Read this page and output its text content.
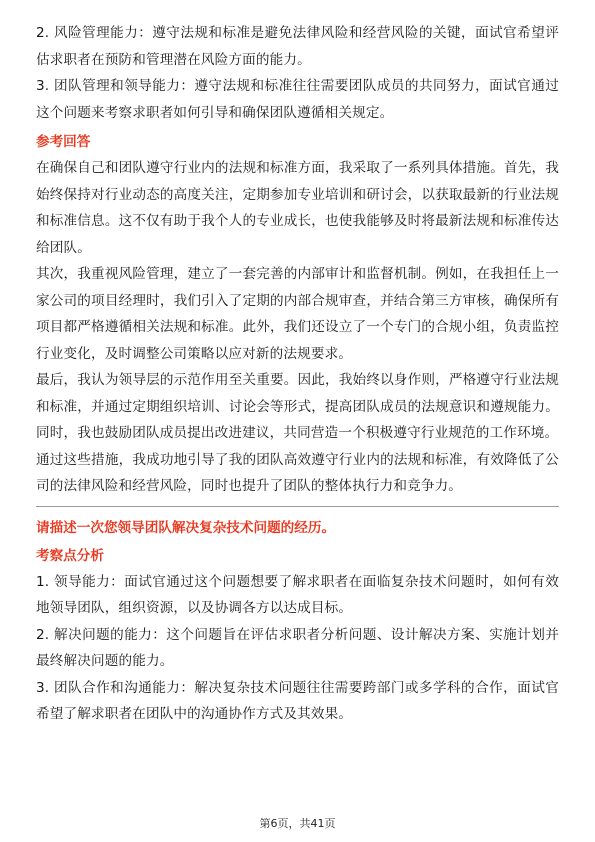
2. 风险管理能力：遵守法规和标准是避免法律风险和经营风险的关键，面试官希望评估求职者在预防和管理潜在风险方面的能力。

3. 团队管理和领导能力：遵守法规和标准往往需要团队成员的共同努力，面试官通过这个问题来考察求职者如何引导和确保团队遵循相关规定。

参考回答

在确保自己和团队遵守行业内的法规和标准方面，我采取了一系列具体措施。首先，我始终保持对行业动态的高度关注，定期参加专业培训和研讨会，以获取最新的行业法规和标准信息。这不仅有助于我个人的专业成长，也使我能够及时将最新法规和标准传达给团队。

其次，我重视风险管理，建立了一套完善的内部审计和监督机制。例如，在我担任上一家公司的项目经理时，我们引入了定期的内部合规审查，并结合第三方审核，确保所有项目都严格遵循相关法规和标准。此外，我们还设立了一个专门的合规小组，负责监控行业变化，及时调整公司策略以应对新的法规要求。

最后，我认为领导层的示范作用至关重要。因此，我始终以身作则，严格遵守行业法规和标准，并通过定期组织培训、讨论会等形式，提高团队成员的法规意识和遵规能力。同时，我也鼓励团队成员提出改进建议，共同营造一个积极遵守行业规范的工作环境。

通过这些措施，我成功地引导了我的团队高效遵守行业内的法规和标准，有效降低了公司的法律风险和经营风险，同时也提升了团队的整体执行力和竞争力。

请描述一次您领导团队解决复杂技术问题的经历。
考察点分析

1. 领导能力：面试官通过这个问题想要了解求职者在面临复杂技术问题时，如何有效地领导团队，组织资源，以及协调各方以达成目标。

2. 解决问题的能力：这个问题旨在评估求职者分析问题、设计解决方案、实施计划并最终解决问题的能力。

3. 团队合作和沟通能力：解决复杂技术问题往往需要跨部门或多学科的合作，面试官希望了解求职者在团队中的沟通协作方式及其效果。

第6页，共41页
